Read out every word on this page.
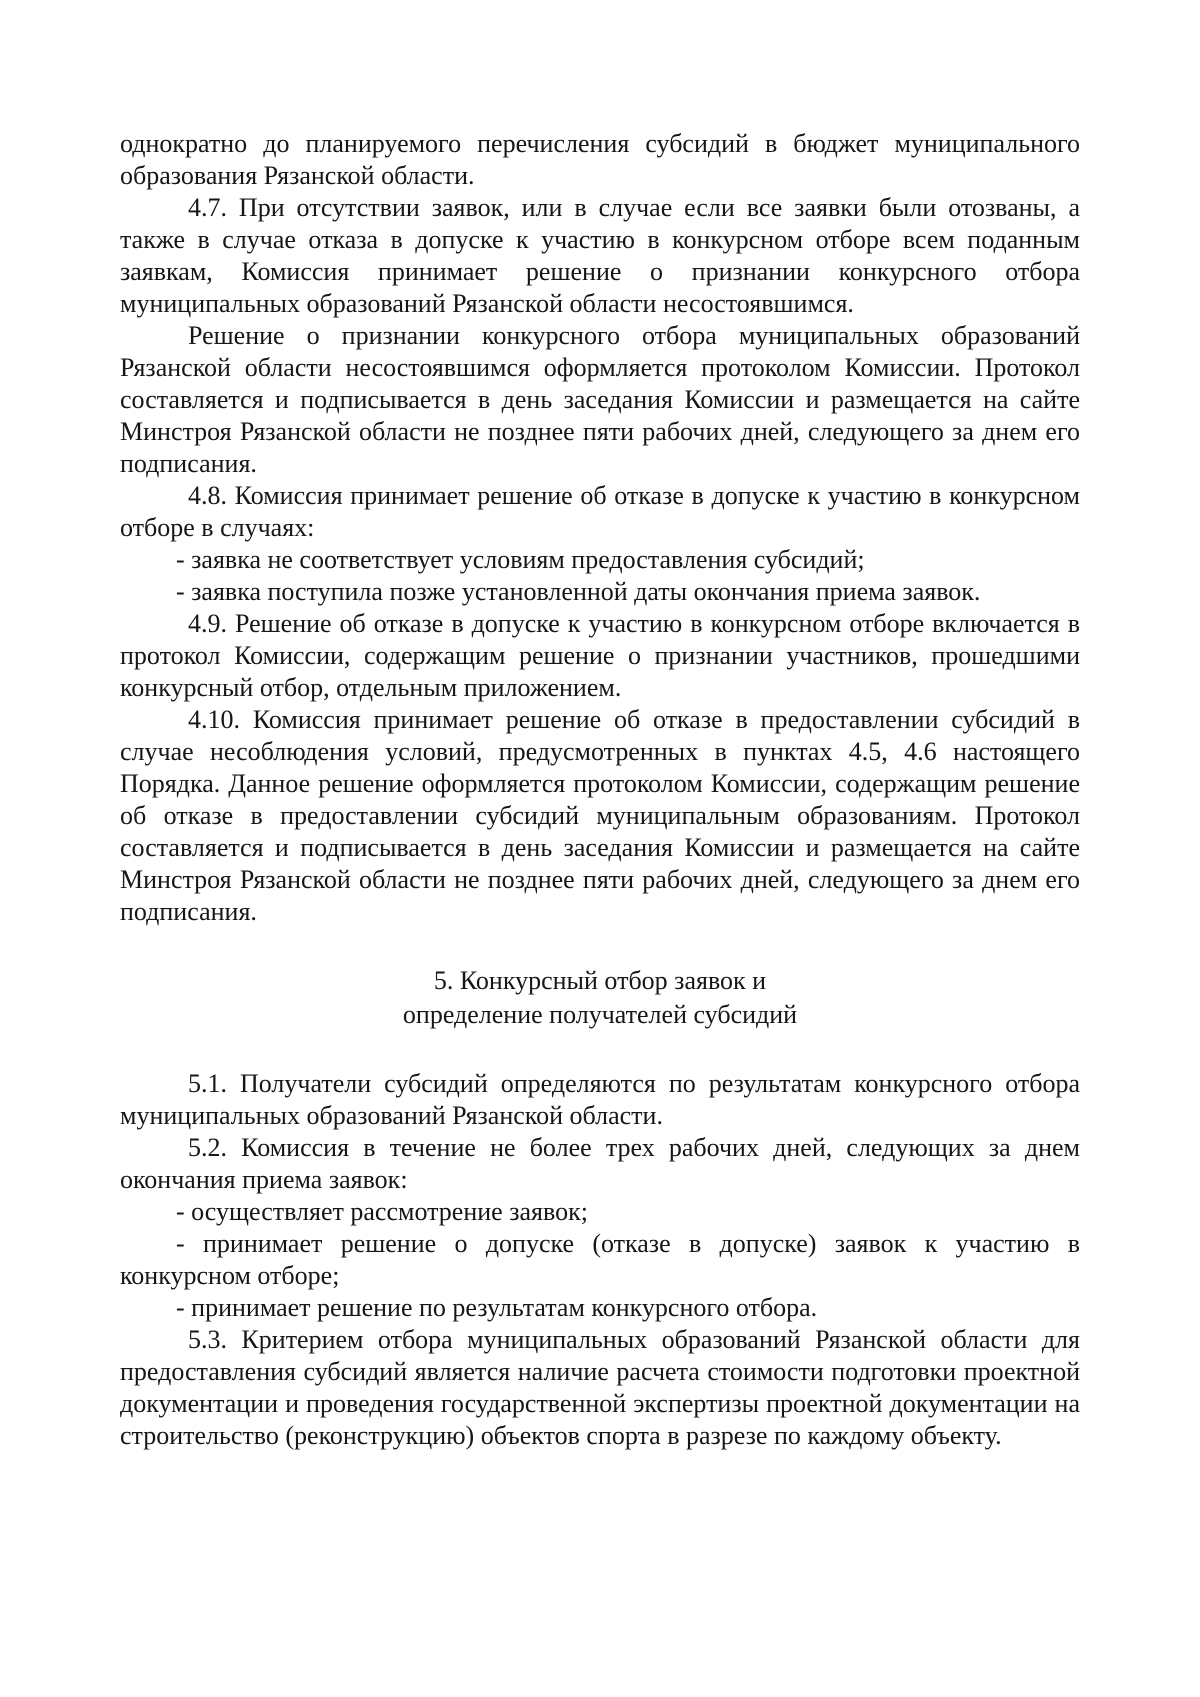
однократно до планируемого перечисления субсидий в бюджет муниципального образования Рязанской области.

4.7. При отсутствии заявок, или в случае если все заявки были отозваны, а также в случае отказа в допуске к участию в конкурсном отборе всем поданным заявкам, Комиссия принимает решение о признании конкурсного отбора муниципальных образований Рязанской области несостоявшимся.

Решение о признании конкурсного отбора муниципальных образований Рязанской области несостоявшимся оформляется протоколом Комиссии. Протокол составляется и подписывается в день заседания Комиссии и размещается на сайте Минстроя Рязанской области не позднее пяти рабочих дней, следующего за днем его подписания.

4.8. Комиссия принимает решение об отказе в допуске к участию в конкурсном отборе в случаях:

- заявка не соответствует условиям предоставления субсидий;

- заявка поступила позже установленной даты окончания приема заявок.

4.9. Решение об отказе в допуске к участию в конкурсном отборе включается в протокол Комиссии, содержащим решение о признании участников, прошедшими конкурсный отбор, отдельным приложением.

4.10. Комиссия принимает решение об отказе в предоставлении субсидий в случае несоблюдения условий, предусмотренных в пунктах 4.5, 4.6 настоящего Порядка. Данное решение оформляется протоколом Комиссии, содержащим решение об отказе в предоставлении субсидий муниципальным образованиям. Протокол составляется и подписывается в день заседания Комиссии и размещается на сайте Минстроя Рязанской области не позднее пяти рабочих дней, следующего за днем его подписания.

5. Конкурсный отбор заявок и
определение получателей субсидий

5.1. Получатели субсидий определяются по результатам конкурсного отбора муниципальных образований Рязанской области.

5.2. Комиссия в течение не более трех рабочих дней, следующих за днем окончания приема заявок:

- осуществляет рассмотрение заявок;

- принимает решение о допуске (отказе в допуске) заявок к участию в конкурсном отборе;

- принимает решение по результатам конкурсного отбора.

5.3. Критерием отбора муниципальных образований Рязанской области для предоставления субсидий является наличие расчета стоимости подготовки проектной документации и проведения государственной экспертизы проектной документации на строительство (реконструкцию) объектов спорта в разрезе по каждому объекту.
